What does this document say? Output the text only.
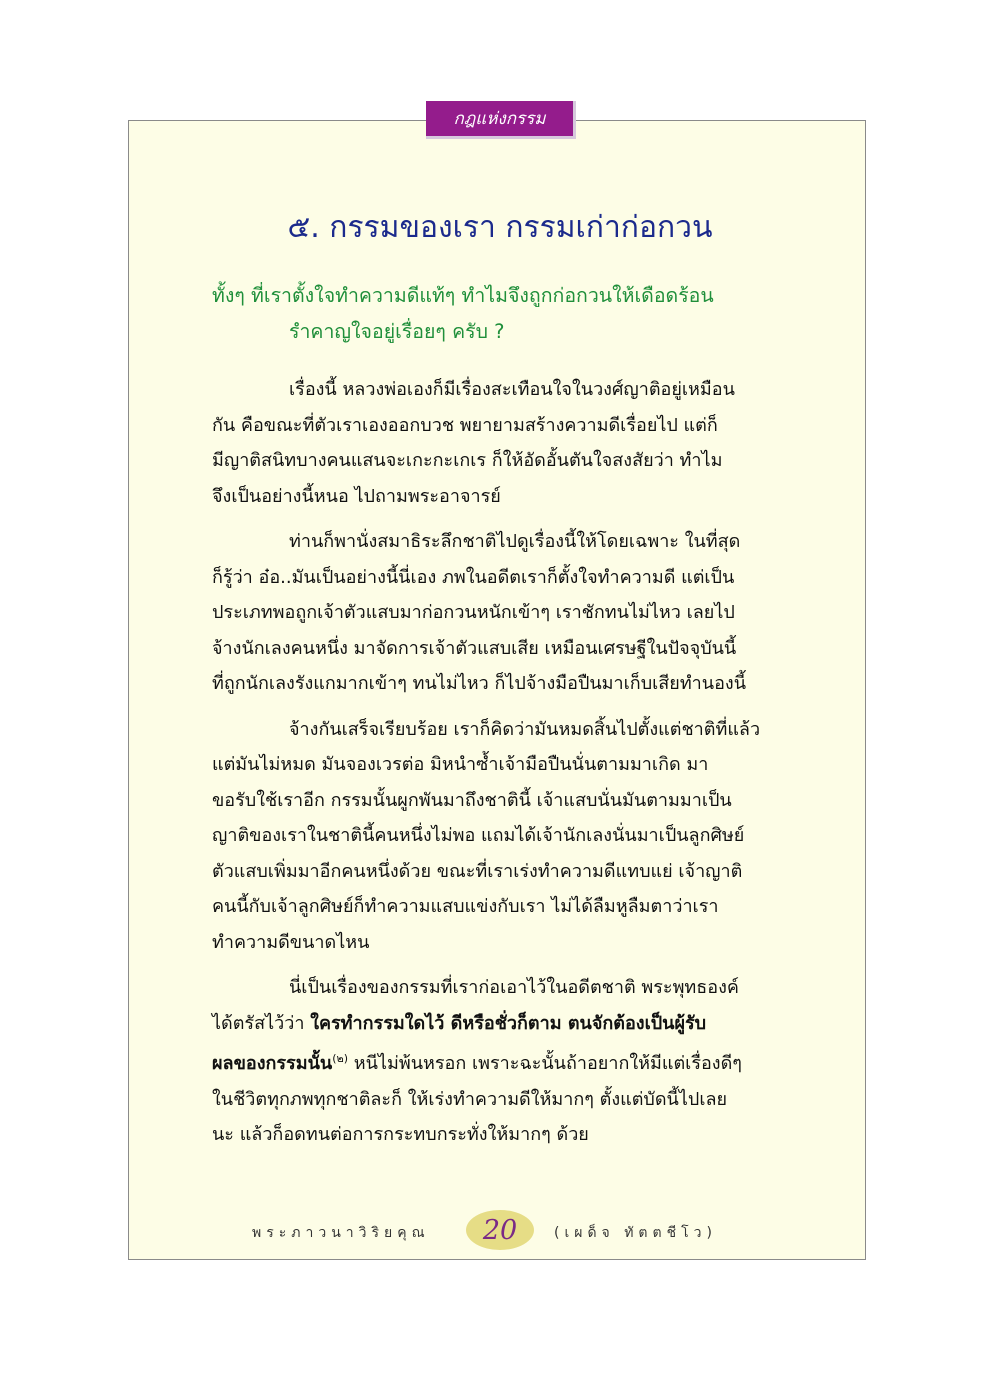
กฎแห่งกรรม
๕. กรรมของเรา กรรมเก่าก่อกวน
ทั้งๆ ที่เราตั้งใจทำความดีแท้ๆ ทำไมจึงถูกก่อกวนให้เดือดร้อน
รำคาญใจอยู่เรื่อยๆ ครับ ?
เรื่องนี้ หลวงพ่อเองก็มีเรื่องสะเทือนใจในวงศ์ญาติอยู่เหมือน
กัน คือขณะที่ตัวเราเองออกบวช พยายามสร้างความดีเรื่อยไป แต่ก็
มีญาติสนิทบางคนแสนจะเกะกะเกเร ก็ให้อัดอั้นตันใจสงสัยว่า ทำไม
จึงเป็นอย่างนี้หนอ ไปถามพระอาจารย์
ท่านก็พานั่งสมาธิระลึกชาติไปดูเรื่องนี้ให้โดยเฉพาะ ในที่สุด
ก็รู้ว่า อ๋อ..มันเป็นอย่างนี้นี่เอง ภพในอดีตเราก็ตั้งใจทำความดี แต่เป็น
ประเภทพอถูกเจ้าตัวแสบมาก่อกวนหนักเข้าๆ เราชักทนไม่ไหว เลยไป
จ้างนักเลงคนหนึ่ง มาจัดการเจ้าตัวแสบเสีย เหมือนเศรษฐีในปัจจุบันนี้
ที่ถูกนักเลงรังแกมากเข้าๆ ทนไม่ไหว ก็ไปจ้างมือปืนมาเก็บเสียทำนองนี้
จ้างกันเสร็จเรียบร้อย เราก็คิดว่ามันหมดสิ้นไปตั้งแต่ชาติที่แล้ว
แต่มันไม่หมด มันจองเวรต่อ มิหนำซ้ำเจ้ามือปืนนั่นตามมาเกิด มา
ขอรับใช้เราอีก กรรมนั้นผูกพันมาถึงชาตินี้ เจ้าแสบนั่นมันตามมาเป็น
ญาติของเราในชาตินี้คนหนึ่งไม่พอ แถมได้เจ้านักเลงนั่นมาเป็นลูกศิษย์
ตัวแสบเพิ่มมาอีกคนหนึ่งด้วย ขณะที่เราเร่งทำความดีแทบแย่ เจ้าญาติ
คนนี้กับเจ้าลูกศิษย์ก็ทำความแสบแข่งกับเรา ไม่ได้ลืมหูลืมตาว่าเรา
ทำความดีขนาดไหน
นี่เป็นเรื่องของกรรมที่เราก่อเอาไว้ในอดีตชาติ พระพุทธองค์
ได้ตรัสไว้ว่า ใครทำกรรมใดไว้ ดีหรือชั่วก็ตาม ตนจักต้องเป็นผู้รับ
ผลของกรรมนั้น$^{(๒)}$ หนีไม่พ้นหรอก เพราะฉะนั้นถ้าอยากให้มีแต่เรื่องดีๆ
ในชีวิตทุกภพทุกชาติละก็ ให้เร่งทำความดีให้มากๆ ตั้งแต่บัดนี้ไปเลย
นะ แล้วก็อดทนต่อการกระทบกระทั่งให้มากๆ ด้วย
พระภาวนาวิริยคุณ 20	(เผด็จ ทัตตชีโว)
